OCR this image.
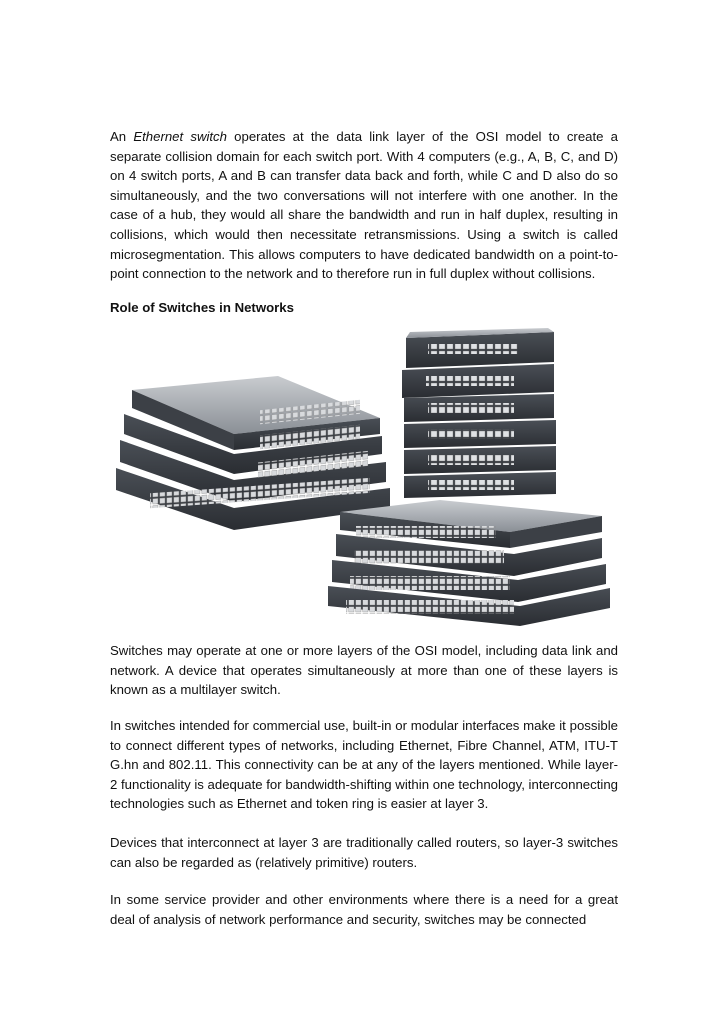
An Ethernet switch operates at the data link layer of the OSI model to create a separate collision domain for each switch port. With 4 computers (e.g., A, B, C, and D) on 4 switch ports, A and B can transfer data back and forth, while C and D also do so simultaneously, and the two conversations will not interfere with one another. In the case of a hub, they would all share the bandwidth and run in half duplex, resulting in collisions, which would then necessitate retransmissions. Using a switch is called microsegmentation. This allows computers to have dedicated bandwidth on a point-to-point connection to the network and to therefore run in full duplex without collisions.

Role of Switches in Networks

Switches may operate at one or more layers of the OSI model, including data link and network. A device that operates simultaneously at more than one of these layers is known as a multilayer switch.

In switches intended for commercial use, built-in or modular interfaces make it possible to connect different types of networks, including Ethernet, Fibre Channel, ATM, ITU-T G.hn and 802.11. This connectivity can be at any of the layers mentioned. While layer-2 functionality is adequate for bandwidth-shifting within one technology, interconnecting technologies such as Ethernet and token ring is easier at layer 3.

Devices that interconnect at layer 3 are traditionally called routers, so layer-3 switches can also be regarded as (relatively primitive) routers.

In some service provider and other environments where there is a need for a great deal of analysis of network performance and security, switches may be connected
